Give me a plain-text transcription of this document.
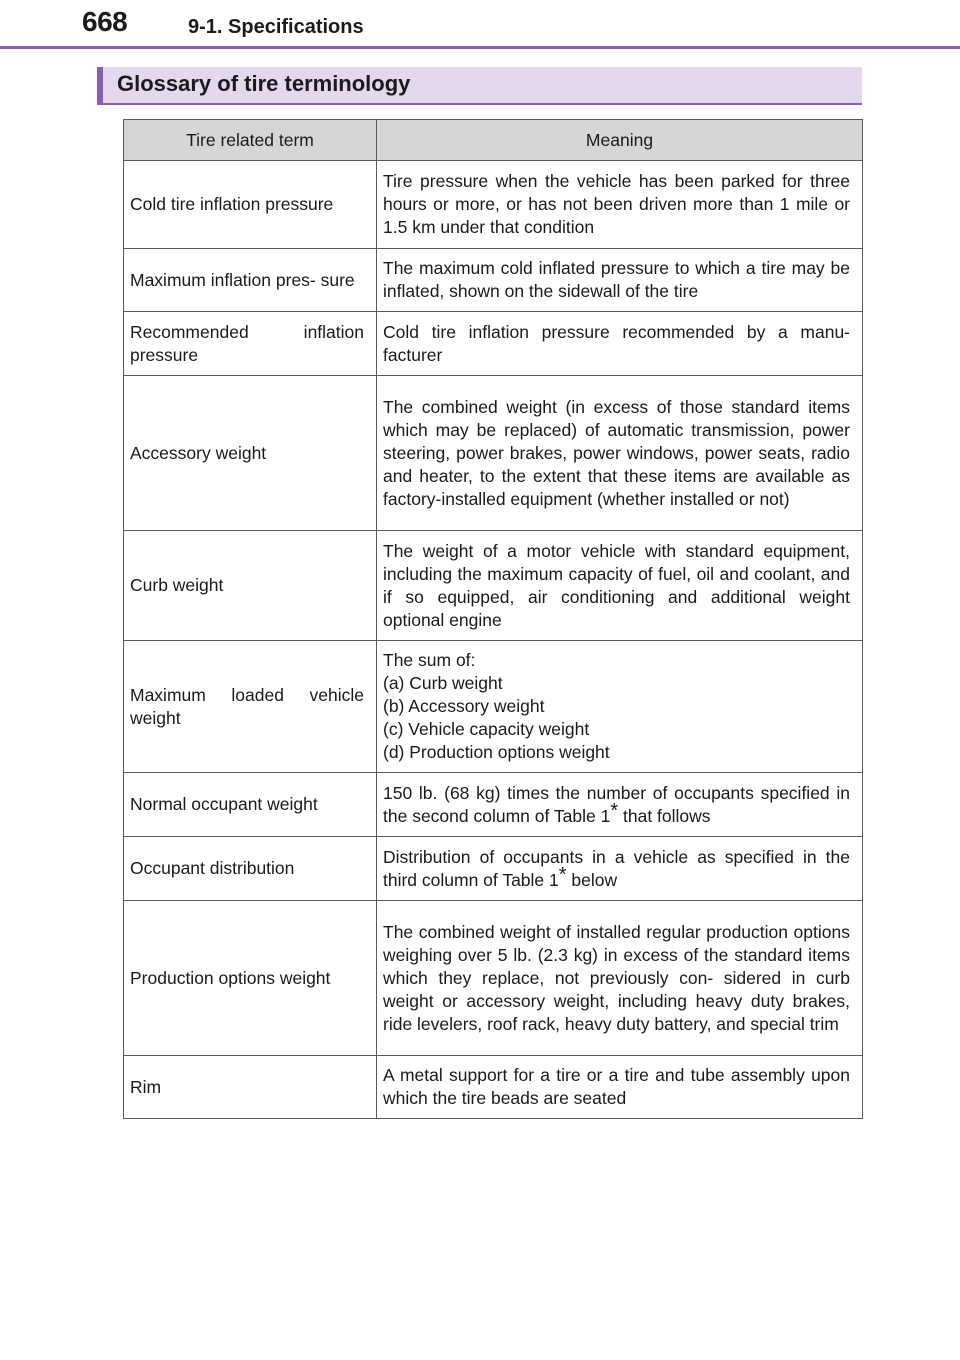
668	9-1. Specifications
Glossary of tire terminology
Tire related term	Meaning
Cold tire inflation pressure	Tire pressure when the vehicle has been parked for three hours or more, or has not been driven more than 1 mile or 1.5 km under that condition
Maximum inflation pres- sure	The maximum cold inflated pressure to which a tire may be inflated, shown on the sidewall of the tire
Recommended inflation pressure	Cold tire inflation pressure recommended by a manu- facturer
Accessory weight	The combined weight (in excess of those standard items which may be replaced) of automatic transmission, power steering, power brakes, power windows, power seats, radio and heater, to the extent that these items are available as factory-installed equipment (whether installed or not)
Curb weight	The weight of a motor vehicle with standard equipment, including the maximum capacity of fuel, oil and coolant, and if so equipped, air conditioning and additional weight optional engine
Maximum loaded vehicle weight	The sum of:
(a) Curb weight
(b) Accessory weight
(c) Vehicle capacity weight
(d) Production options weight

Normal occupant weight	150 lb. (68 kg) times the number of occupants specified in the second column of Table 1* that follows
Occupant distribution	Distribution of occupants in a vehicle as specified in the third column of Table 1* below
Production options weight	The combined weight of installed regular production options weighing over 5 lb. (2.3 kg) in excess of the standard items which they replace, not previously con- sidered in curb weight or accessory weight, including heavy duty brakes, ride levelers, roof rack, heavy duty battery, and special trim
Rim	A metal support for a tire or a tire and tube assembly upon which the tire beads are seated
